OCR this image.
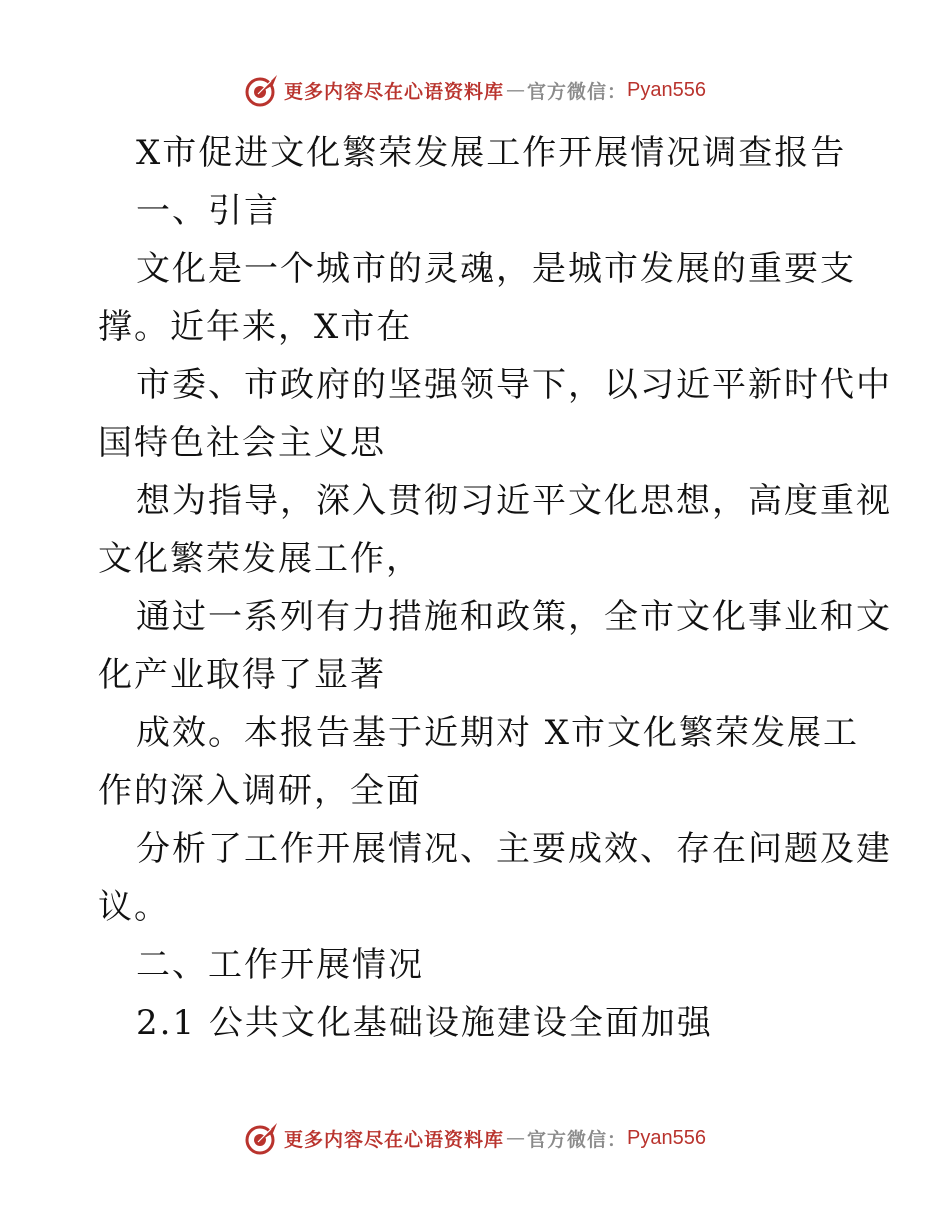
更多内容尽在心语资料库 — 官方微信： Pyan556
X市促进文化繁荣发展工作开展情况调查报告
一、引言
文化是一个城市的灵魂，是城市发展的重要支
撑。近年来，X市在
市委、市政府的坚强领导下，以习近平新时代中
国特色社会主义思
想为指导，深入贯彻习近平文化思想，高度重视
文化繁荣发展工作，
通过一系列有力措施和政策，全市文化事业和文
化产业取得了显著
成效。本报告基于近期对 X市文化繁荣发展工
作的深入调研，全面
分析了工作开展情况、主要成效、存在问题及建
议。
二、工作开展情况
2.1 公共文化基础设施建设全面加强
更多内容尽在心语资料库 — 官方微信： Pyan556
